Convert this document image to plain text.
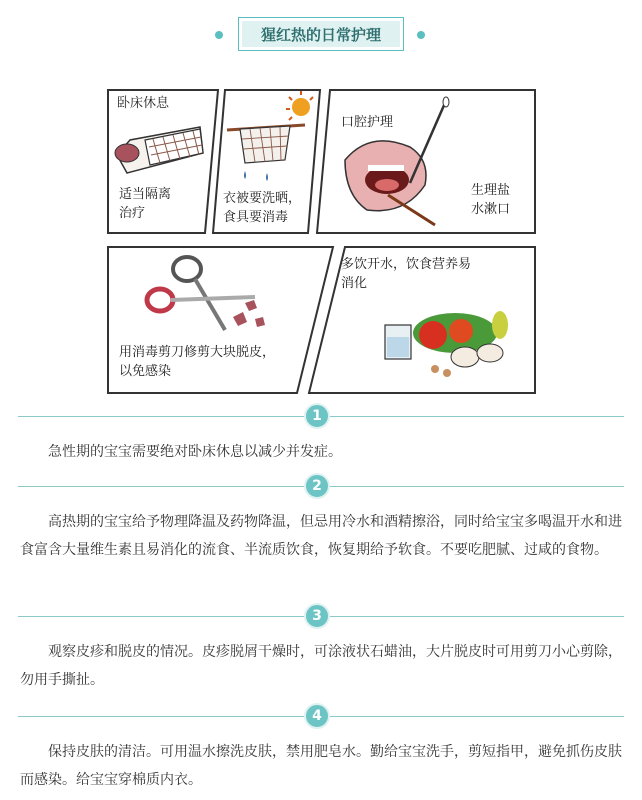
猩红热的日常护理
卧床休息
适当隔离
治疗
衣被要洗晒，
食具要消毒
口腔护理
生理盐
水漱口
用消毒剪刀修剪大块脱皮，
以免感染
多饮开水，饮食营养易
消化
1

急性期的宝宝需要绝对卧床休息以减少并发症。

2

高热期的宝宝给予物理降温及药物降温，但忌用冷水和酒精擦浴，同时给宝宝多喝温开水和进食富含大量维生素且易消化的流食、半流质饮食，恢复期给予软食。不要吃肥腻、过咸的食物。

3

观察皮疹和脱皮的情况。皮疹脱屑干燥时，可涂液状石蜡油，大片脱皮时可用剪刀小心剪除，勿用手撕扯。

4

保持皮肤的清洁。可用温水擦洗皮肤，禁用肥皂水。勤给宝宝洗手，剪短指甲，避免抓伤皮肤而感染。给宝宝穿棉质内衣。
